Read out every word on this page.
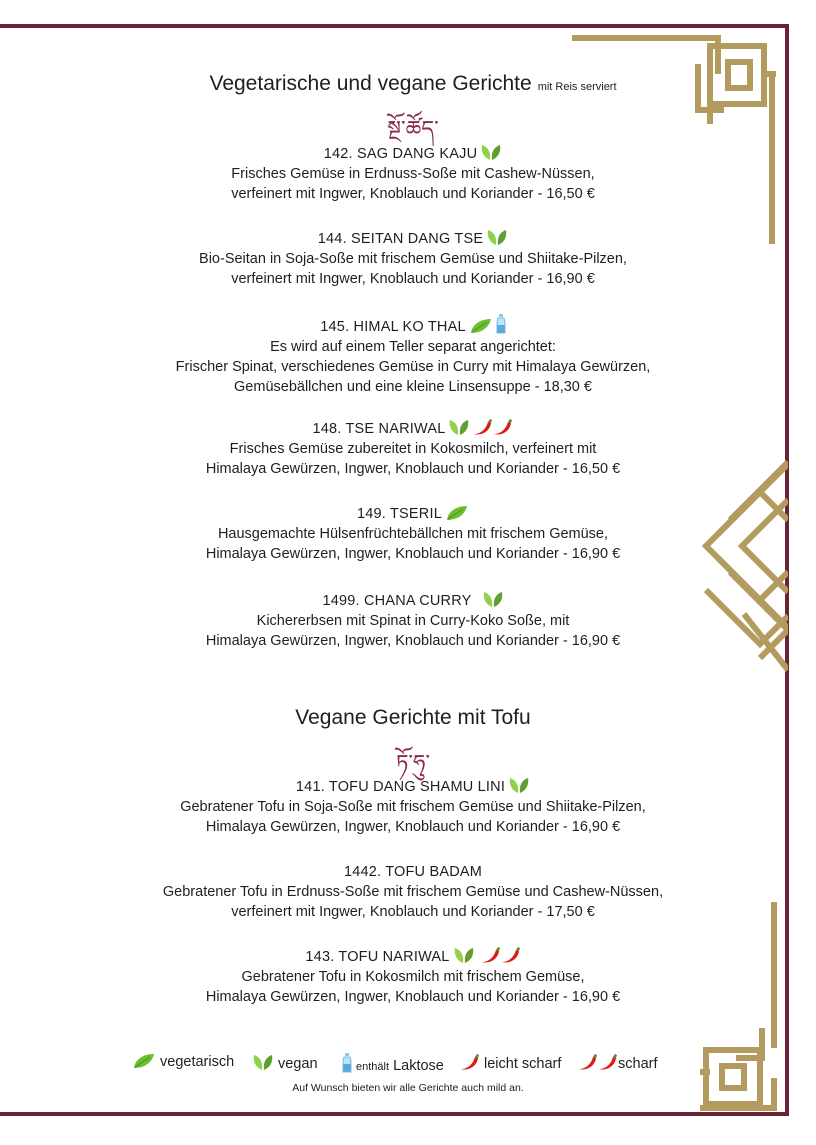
Vegetarische und vegane Gerichte mit Reis serviert
སྔོ་ཚོད་
142. SAG DANG KAJU
Frisches Gemüse in Erdnuss-Soße mit Cashew-Nüssen,
verfeinert mit Ingwer, Knoblauch und Koriander - 16,50 €
144. SEITAN DANG TSE
Bio-Seitan in Soja-Soße mit frischem Gemüse und Shiitake-Pilzen,
verfeinert mit Ingwer, Knoblauch und Koriander - 16,90 €
145. HIMAL KO THAL
Es wird auf einem Teller separat angerichtet:
Frischer Spinat, verschiedenes Gemüse in Curry mit Himalaya Gewürzen,
Gemüsebällchen und eine kleine Linsensuppe - 18,30 €
148. TSE NARIWAL
Frisches Gemüse zubereitet in Kokosmilch, verfeinert mit
Himalaya Gewürzen, Ingwer, Knoblauch und Koriander - 16,50 €
149. TSERIL
Hausgemachte Hülsenfrüchtebällchen mit frischem Gemüse,
Himalaya Gewürzen, Ingwer, Knoblauch und Koriander - 16,90 €
1499. CHANA CURRY
Kichererbsen mit Spinat in Curry-Koko Soße, mit
Himalaya Gewürzen, Ingwer, Knoblauch und Koriander - 16,90 €
Vegane Gerichte mit Tofu
ཏོ་ཧུ་
141. TOFU DANG SHAMU LINI
Gebratener Tofu in Soja-Soße mit frischem Gemüse und Shiitake-Pilzen,
Himalaya Gewürzen, Ingwer, Knoblauch und Koriander - 16,90 €
1442. TOFU BADAM
Gebratener Tofu in Erdnuss-Soße mit frischem Gemüse und Cashew-Nüssen,
verfeinert mit Ingwer, Knoblauch und Koriander - 17,50 €
143. TOFU NARIWAL
Gebratener Tofu in Kokosmilch mit frischem Gemüse,
Himalaya Gewürzen, Ingwer, Knoblauch und Koriander - 16,90 €
vegetarisch	vegan	enthält Laktose	leicht scharf	scharf
Auf Wunsch bieten wir alle Gerichte auch mild an.
